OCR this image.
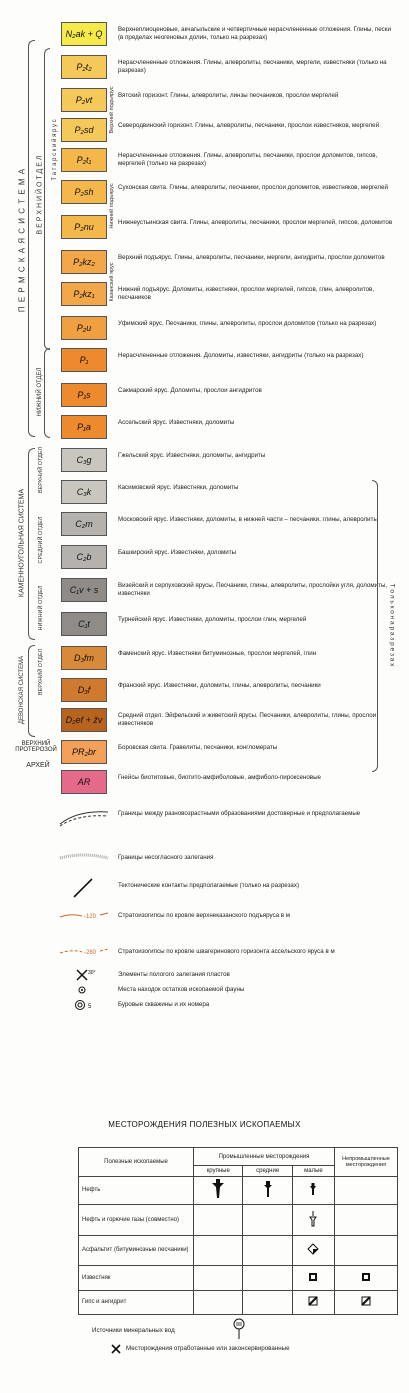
N₂ak + Q	Верхнеплиоценовые, акчагыльские и четвертичные нерасчлененные отложения. Глины, пески (в пределах неогеновых долин, только на разрезах)
P₂t₂	Нерасчлененные отложения. Глины, алевролиты, песчаники, мергели, известняки (только на разрезах)
P₂vt	Вятский горизонт. Глины, алевролиты, линзы песчаников, прослои мергелей
P₂sd	Северодвинский горизонт. Глины, алевролиты, песчаники, прослои известняков, мергелей
P₂t₁	Нерасчлененные отложения. Глины, алевролиты, песчаники, прослои доломитов, гипсов, мергелей (только на разрезах)
P₂sh	Сухонская свита. Глины, алевролиты, песчаники, прослои доломитов, известняков, мергелей
P₂nu	Нижнеустьинская свита. Глины, алевролиты, песчаники, прослои мергелей, гипсов, доломитов
P₂kz₂	Верхний подъярус. Глины, алевролиты, песчаники, мергели, ангидриты, прослои доломитов
P₂kz₁	Нижний подъярус. Доломиты, известняки, прослои мергелей, гипсов, глин, алевролитов, песчаников
P₂u	Уфимский ярус. Песчаники, глины, алевролиты, прослои доломитов (только на разрезах)
P₁	Нерасчлененные отложения. Доломиты, известняки, ангидриты (только на разрезах)
P₁s	Сакмарский ярус. Доломиты, прослои ангидритов
P₁a	Ассельский ярус. Известняки, доломиты
C₃g	Гжельский ярус. Известняки, доломиты, ангидриты
C₃k	Касимовский ярус. Известняки, доломиты
C₂m	Московский ярус. Известняки, доломиты, в нижней части – песчаники, глины, алевролиты
C₂b	Башкирский ярус. Известняки, доломиты
C₁v + s	Визейский и серпуховский ярусы. Песчаники, глины, алевролиты, прослойки угля, доломиты, известняки
C₁t	Турнейский ярус. Известняки, доломиты, прослои глин, мергелей
D₃fm	Фаменский ярус. Известняки битуминозные, прослои мергелей, глин
D₃f	Франский ярус. Известняки, доломиты, глины, алевролиты, песчаники
D₂ef + žv	Средний отдел. Эйфельский и живетский ярусы. Песчаники, алевролиты, глины, прослои известняков
PR₂br	Боровская свита. Гравелиты, песчаники, конгломераты
AR	Гнейсы биотитовые, биотито-амфиболовые, амфиболо-пироксеновые
П Е Р М С К А Я С И С Т Е М А В Е Р Х Н И Й О Т Д Е Л
Т а т а р с к и й я р у с
Верхний подъярус
Нижний подъярус
Казанский ярус
НИЖНИЙ ОТДЕЛ
КАМЕННОУГОЛЬНАЯ СИСТЕМА
ВЕРХНИЙ ОТДЕЛ
СРЕДНИЙ ОТДЕЛ
НИЖНИЙ ОТДЕЛ
ДЕВОНСКАЯ СИСТЕМА ВЕРХНИЙ ОТДЕЛ
ВЕРХНИЙ ПРОТЕРОЗОЙ
АРХЕЙ
Т о л ь к о н а р а з р е з а х
Границы между разновозрастными образованиями достоверные и предполагаемые
Границы несогласного залегания
Тектонические контакты предполагаемые (только на разрезах)
-120	Стратоизогипсы по кровле верхнеказанского подъяруса в м
-280	Стратоизогипсы по кровле швагеринового горизонта ассельского яруса в м
30°	Элементы пологого залегания пластов
Места находок остатков ископаемой фауны
5	Буровые скважины и их номера
МЕСТОРОЖДЕНИЯ ПОЛЕЗНЫХ ИСКОПАЕМЫХ
Полезные ископаемые	Промышленные месторождения			Непромышленные месторождения
	крупные	средние	малые	
Нефть				
Нефть и горючие газы (совместно)				
Асфальтит (битуминозные песчаники)				
Известняк				
Гипс и ангидрит				
Источники минеральных вод
Месторождения отработанные или законсервированные
